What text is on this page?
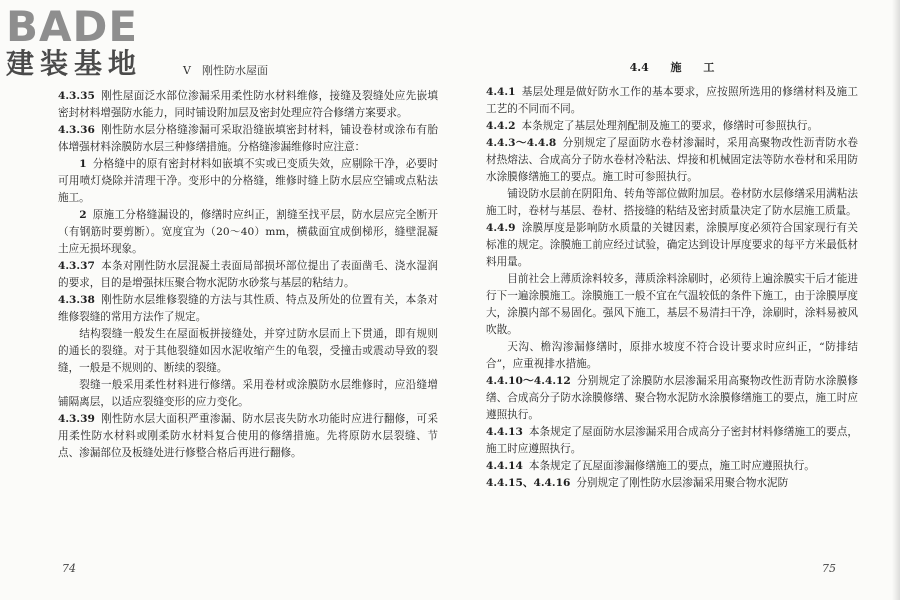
BADE
建装基地	V　刚性防水屋面

4.3.35 刚性屋面泛水部位渗漏采用柔性防水材料维修，接缝及裂缝处应先嵌填密封材料增强防水能力，同时铺设附加层及密封处理应符合修缮方案要求。

4.3.36 刚性防水层分格缝渗漏可采取沿缝嵌填密封材料，铺设卷材或涂布有胎体增强材料涂膜防水层三种修缮措施。分格缝渗漏维修时应注意：

1 分格缝中的原有密封材料如嵌填不实或已变质失效，应剔除干净，必要时可用喷灯烧除并清理干净。变形中的分格缝，维修时缝上防水层应空铺或点粘法施工。

2 原施工分格缝漏设的，修缮时应纠正，割缝至找平层，防水层应完全断开（有钢筋时要剪断）。宽度宜为（20～40）mm，横截面宜成倒梯形，缝壁混凝土应无损坏现象。

4.3.37 本条对刚性防水层混凝土表面局部损坏部位提出了表面凿毛、浇水湿润的要求，目的是增强抹压聚合物水泥防水砂浆与基层的粘结力。

4.3.38 刚性防水层维修裂缝的方法与其性质、特点及所处的位置有关，本条对维修裂缝的常用方法作了规定。

结构裂缝一般发生在屋面板拼接缝处，并穿过防水层而上下贯通，即有规则的通长的裂缝。对于其他裂缝如因水泥收缩产生的龟裂，受撞击或震动导致的裂缝，一般是不规则的、断续的裂缝。

裂缝一般采用柔性材料进行修缮。采用卷材或涂膜防水层维修时，应沿缝增铺隔离层，以适应裂缝变形的应力变化。

4.3.39 刚性防水层大面积严重渗漏、防水层丧失防水功能时应进行翻修，可采用柔性防水材料或刚柔防水材料复合使用的修缮措施。先将原防水层裂缝、节点、渗漏部位及板缝处进行修整合格后再进行翻修。

4.4 施 工

4.4.1 基层处理是做好防水工作的基本要求，应按照所选用的修缮材料及施工工艺的不同而不同。

4.4.2 本条规定了基层处理剂配制及施工的要求，修缮时可参照执行。

4.4.3～4.4.8 分别规定了屋面防水卷材渗漏时，采用高聚物改性沥青防水卷材热熔法、合成高分子防水卷材冷粘法、焊接和机械固定法等防水卷材和采用防水涂膜修缮施工的要点。施工时可参照执行。

铺设防水层前在阴阳角、转角等部位做附加层。卷材防水层修缮采用满粘法施工时，卷材与基层、卷材、搭接缝的粘结及密封质量决定了防水层施工质量。

4.4.9 涂膜厚度是影响防水质量的关键因素，涂膜厚度必须符合国家现行有关标准的规定。涂膜施工前应经过试验，确定达到设计厚度要求的每平方米最低材料用量。

目前社会上薄质涂料较多，薄质涂料涂刷时，必须待上遍涂膜实干后才能进行下一遍涂膜施工。涂膜施工一般不宜在气温较低的条件下施工，由于涂膜厚度大，涂膜内部不易固化。强风下施工，基层不易清扫干净，涂刷时，涂料易被风吹散。

天沟、檐沟渗漏修缮时，原排水坡度不符合设计要求时应纠正，“防排结合”，应重视排水措施。

4.4.10～4.4.12 分别规定了涂膜防水层渗漏采用高聚物改性沥青防水涂膜修缮、合成高分子防水涂膜修缮、聚合物水泥防水涂膜修缮施工的要点，施工时应遵照执行。

4.4.13 本条规定了屋面防水层渗漏采用合成高分子密封材料修缮施工的要点，施工时应遵照执行。

4.4.14 本条规定了瓦屋面渗漏修缮施工的要点，施工时应遵照执行。

4.4.15、4.4.16 分别规定了刚性防水层渗漏采用聚合物水泥防

74	75
